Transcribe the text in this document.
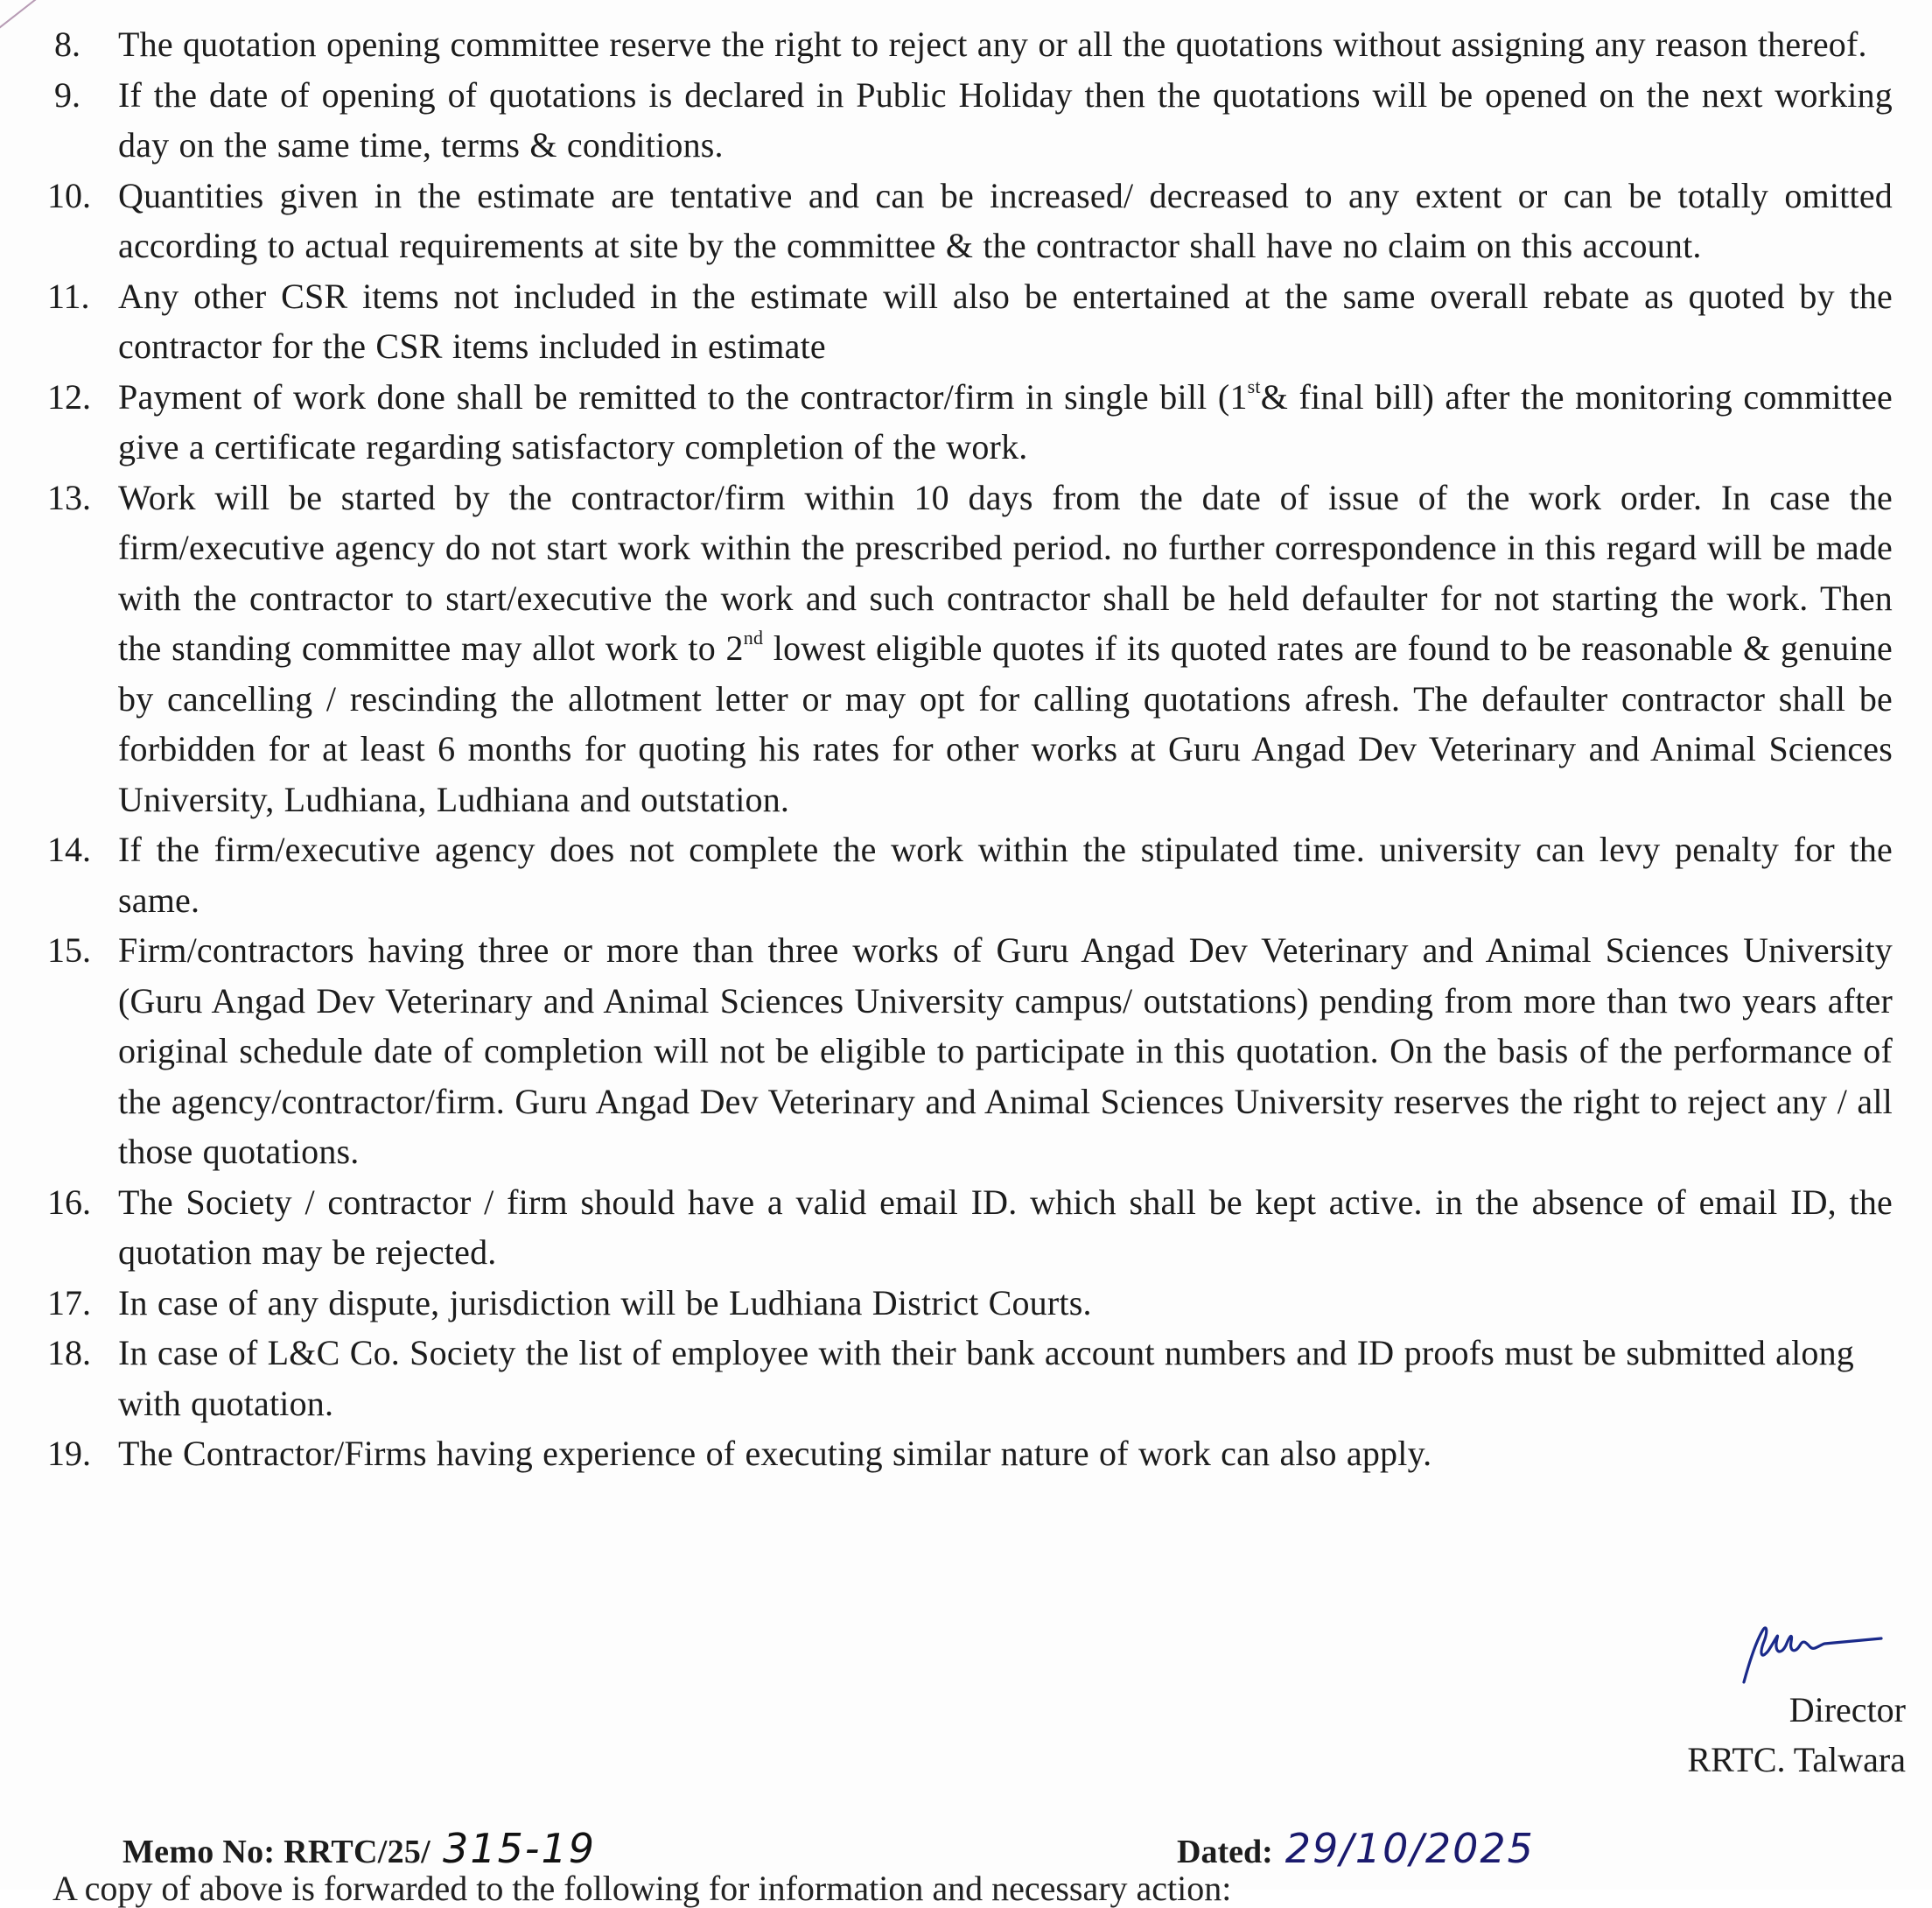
8.	The quotation opening committee reserve the right to reject any or all the quotations without assigning any reason thereof.
9.	If the date of opening of quotations is declared in Public Holiday then the quotations will be opened on the next working day on the same time, terms & conditions.
10. Quantities given in the estimate are tentative and can be increased/ decreased to any extent or can be totally omitted according to actual requirements at site by the committee & the contractor shall have no claim on this account.
11. Any other CSR items not included in the estimate will also be entertained at the same overall rebate as quoted by the contractor for the CSR items included in estimate
12. Payment of work done shall be remitted to the contractor/firm in single bill (1st& final bill) after the monitoring committee give a certificate regarding satisfactory completion of the work.
13. Work will be started by the contractor/firm within 10 days from the date of issue of the work order. In case the firm/executive agency do not start work within the prescribed period. no further correspondence in this regard will be made with the contractor to start/executive the work and such contractor shall be held defaulter for not starting the work. Then the standing committee may allot work to 2nd lowest eligible quotes if its quoted rates are found to be reasonable & genuine by cancelling / rescinding the allotment letter or may opt for calling quotations afresh. The defaulter contractor shall be forbidden for at least 6 months for quoting his rates for other works at Guru Angad Dev Veterinary and Animal Sciences University, Ludhiana, Ludhiana and outstation.
14. If the firm/executive agency does not complete the work within the stipulated time. university can levy penalty for the same.
15. Firm/contractors having three or more than three works of Guru Angad Dev Veterinary and Animal Sciences University (Guru Angad Dev Veterinary and Animal Sciences University campus/ outstations) pending from more than two years after original schedule date of completion will not be eligible to participate in this quotation. On the basis of the performance of the agency/contractor/firm. Guru Angad Dev Veterinary and Animal Sciences University reserves the right to reject any / all those quotations.
16. The Society / contractor / firm should have a valid email ID. which shall be kept active. in the absence of email ID, the quotation may be rejected.
17. In case of any dispute, jurisdiction will be Ludhiana District Courts.
18. In case of L&C Co. Society the list of employee with their bank account numbers and ID proofs must be submitted along with quotation.
19. The Contractor/Firms having experience of executing similar nature of work can also apply.
Director
RRTC. Talwara
Memo No: RRTC/25/ 315-19	Dated: 29/10/2025
A copy of above is forwarded to the following for information and necessary action:
